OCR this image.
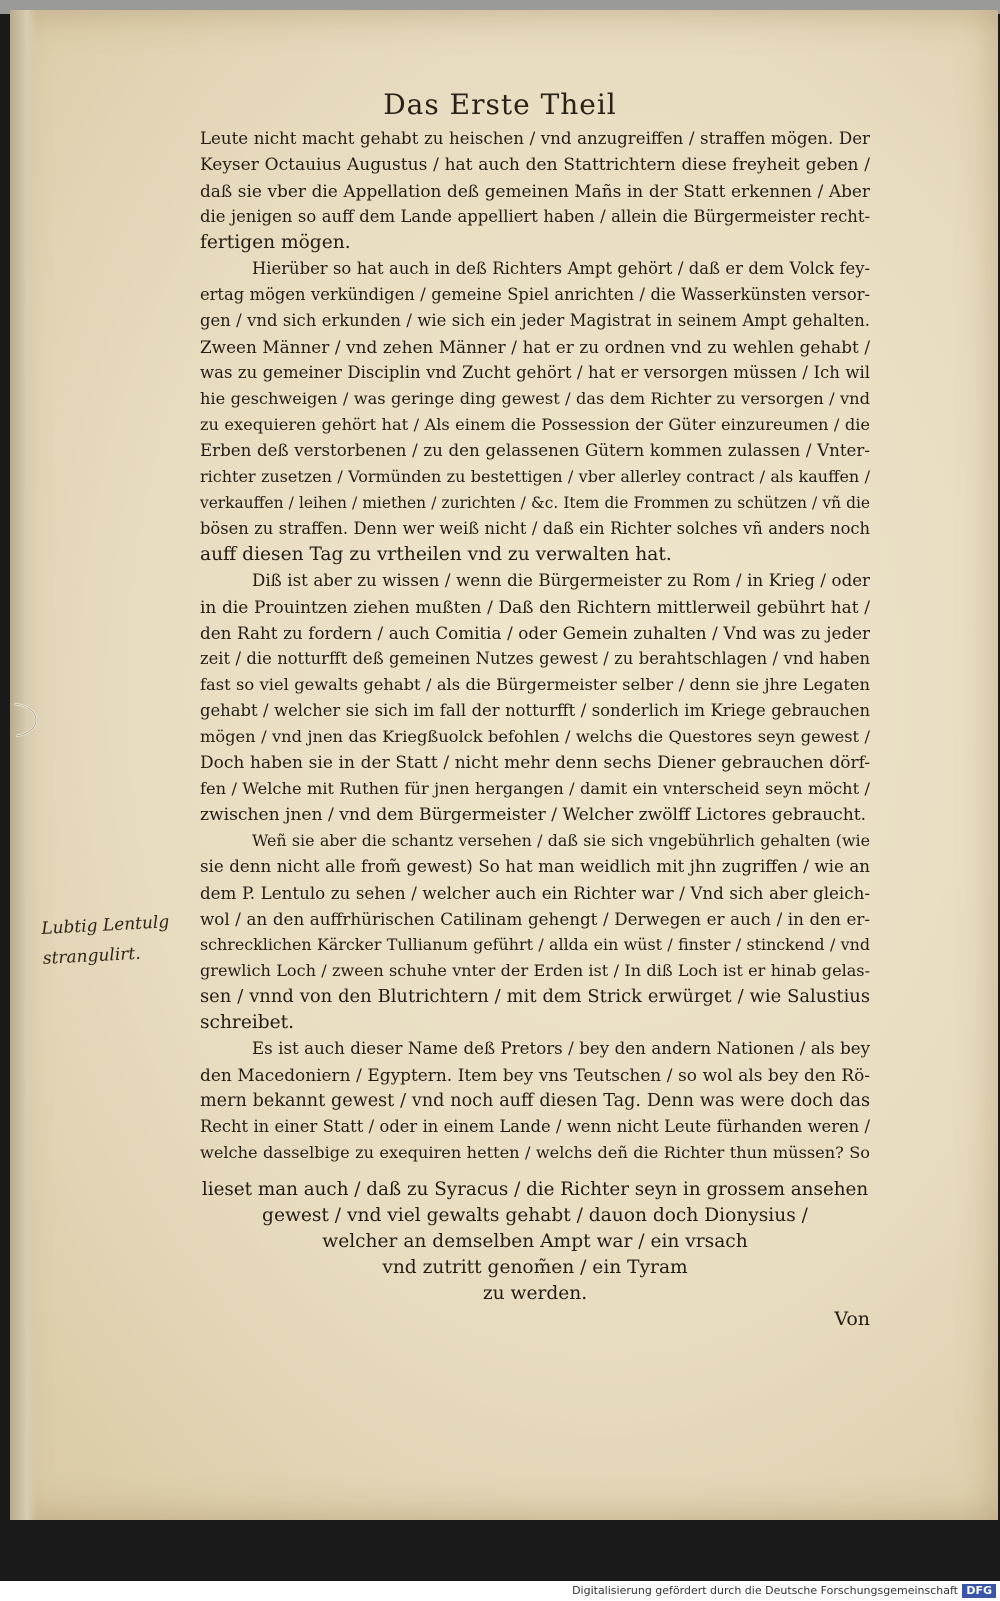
Das Erste Theil
Leute nicht macht gehabt zu heischen / vnd anzugreiffen / straffen mögen. Der
Keyser Octauius Augustus / hat auch den Stattrichtern diese freyheit geben /
daß sie vber die Appellation deß gemeinen Mañs in der Statt erkennen / Aber
die jenigen so auff dem Lande appelliert haben / allein die Bürgermeister recht-
fertigen mögen.
Hierüber so hat auch in deß Richters Ampt gehört / daß er dem Volck fey-
ertag mögen verkündigen / gemeine Spiel anrichten / die Wasserkünsten versor-
gen / vnd sich erkunden / wie sich ein jeder Magistrat in seinem Ampt gehalten.
Zween Männer / vnd zehen Männer / hat er zu ordnen vnd zu wehlen gehabt /
was zu gemeiner Disciplin vnd Zucht gehört / hat er versorgen müssen / Ich wil
hie geschweigen / was geringe ding gewest / das dem Richter zu versorgen / vnd
zu exequieren gehört hat / Als einem die Possession der Güter einzureumen / die
Erben deß verstorbenen / zu den gelassenen Gütern kommen zulassen / Vnter-
richter zusetzen / Vormünden zu bestettigen / vber allerley contract / als kauffen /
verkauffen / leihen / miethen / zurichten / &c. Item die Frommen zu schützen / vñ die
bösen zu straffen. Denn wer weiß nicht / daß ein Richter solches vñ anders noch
auff diesen Tag zu vrtheilen vnd zu verwalten hat.
Diß ist aber zu wissen / wenn die Bürgermeister zu Rom / in Krieg / oder
in die Prouintzen ziehen mußten / Daß den Richtern mittlerweil gebührt hat /
den Raht zu fordern / auch Comitia / oder Gemein zuhalten / Vnd was zu jeder
zeit / die notturfft deß gemeinen Nutzes gewest / zu berahtschlagen / vnd haben
fast so viel gewalts gehabt / als die Bürgermeister selber / denn sie jhre Legaten
gehabt / welcher sie sich im fall der notturfft / sonderlich im Kriege gebrauchen
mögen / vnd jnen das Kriegßuolck befohlen / welchs die Questores seyn gewest /
Doch haben sie in der Statt / nicht mehr denn sechs Diener gebrauchen dörf-
fen / Welche mit Ruthen für jnen hergangen / damit ein vnterscheid seyn möcht /
zwischen jnen / vnd dem Bürgermeister / Welcher zwölff Lictores gebraucht.
Weñ sie aber die schantz versehen / daß sie sich vngebührlich gehalten (wie
sie denn nicht alle from̃ gewest) So hat man weidlich mit jhn zugriffen / wie an
dem P. Lentulo zu sehen / welcher auch ein Richter war / Vnd sich aber gleich-
wol / an den auffrhürischen Catilinam gehengt / Derwegen er auch / in den er-
schrecklichen Kärcker Tullianum geführt / allda ein wüst / finster / stinckend / vnd
grewlich Loch / zween schuhe vnter der Erden ist / In diß Loch ist er hinab gelas-
sen / vnnd von den Blutrichtern / mit dem Strick erwürget / wie Salustius
schreibet.
Es ist auch dieser Name deß Pretors / bey den andern Nationen / als bey
den Macedoniern / Egyptern. Item bey vns Teutschen / so wol als bey den Rö-
mern bekannt gewest / vnd noch auff diesen Tag. Denn was were doch das
Recht in einer Statt / oder in einem Lande / wenn nicht Leute fürhanden weren /
welche dasselbige zu exequiren hetten / welchs deñ die Richter thun müssen? So
Lubtig Lentulg
strangulirt.
lieset man auch / daß zu Syracus / die Richter seyn in grossem ansehen
gewest / vnd viel gewalts gehabt / dauon doch Dionysius /
welcher an demselben Ampt war / ein vrsach
vnd zutritt genom̃en / ein Tyram
zu werden.
Von
Digitalisierung gefördert durch die Deutsche Forschungsgemeinschaft DFG
